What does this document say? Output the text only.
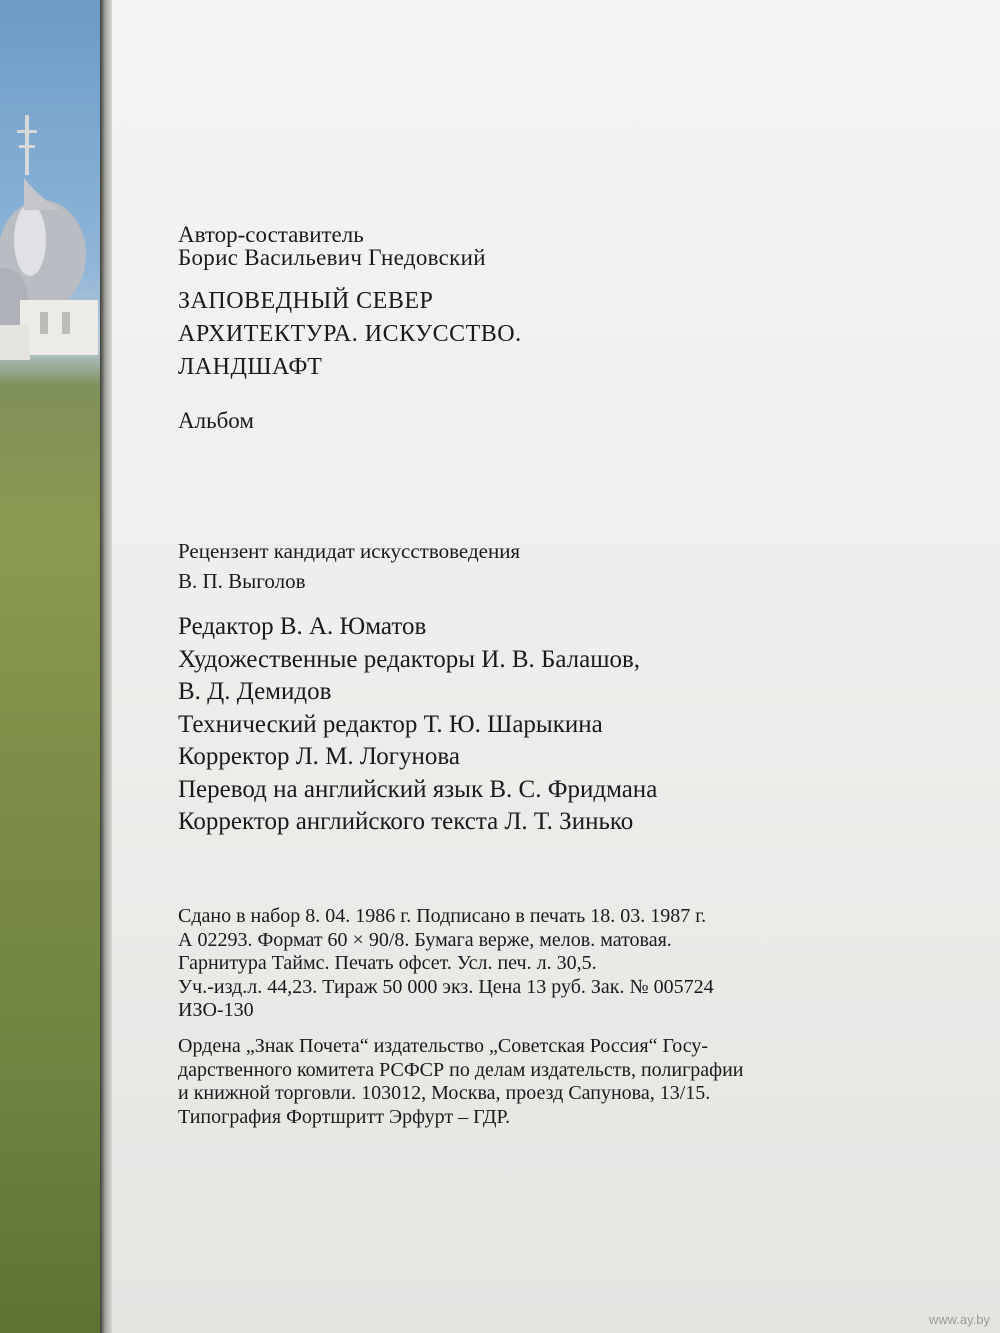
Автор-составитель
Борис Васильевич Гнедовский
ЗАПОВЕДНЫЙ СЕВЕР
АРХИТЕКТУРА. ИСКУССТВО.
ЛАНДШАФТ
Альбом
Рецензент кандидат искусствоведения
В. П. Выголов
Редактор В. А. Юматов
Художественные редакторы И. В. Балашов,
В. Д. Демидов
Технический редактор Т. Ю. Шарыкина
Корректор Л. М. Логунова
Перевод на английский язык В. С. Фридмана
Корректор английского текста Л. Т. Зинько
Сдано в набор 8. 04. 1986 г. Подписано в печать 18. 03. 1987 г.
А 02293. Формат 60 × 90/8. Бумага верже, мелов. матовая.
Гарнитура Таймс. Печать офсет. Усл. печ. л. 30,5.
Уч.-изд.л. 44,23. Тираж 50 000 экз. Цена 13 руб. Зак. № 005724
ИЗО-130
Ордена „Знак Почета“ издательство „Советская Россия“ Госу-
дарственного комитета РСФСР по делам издательств, полиграфии
и книжной торговли. 103012, Москва, проезд Сапунова, 13/15.
Типография Фортшритт Эрфурт – ГДР.
www.ay.by
